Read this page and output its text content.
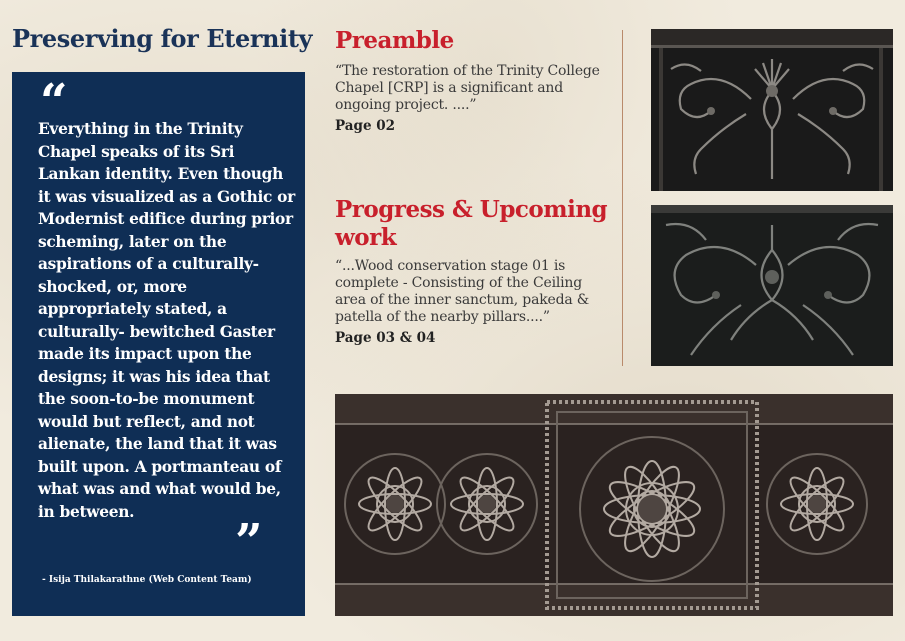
Preserving for Eternity
“

Everything in the Trinity Chapel speaks of its Sri Lankan identity. Even though it was visualized as a Gothic or Modernist edifice during prior scheming, later on the aspirations of a culturally-shocked, or, more appropriately stated, a culturally- bewitched Gaster made its impact upon the designs; it was his idea that the soon-to-be monument would but reflect, and not alienate, the land that it was built upon. A portmanteau of what was and what would be, in between.

”

- Isija Thilakarathne (Web Content Team)

Preamble

“The restoration of the Trinity College Chapel [CRP] is a significant and ongoing project. ....”

Page 02

Progress & Upcoming work

“...Wood conservation stage 01 is complete - Consisting of the Ceiling area of the inner sanctum, pakeda & patella of the nearby pillars....”

Page 03 & 04
